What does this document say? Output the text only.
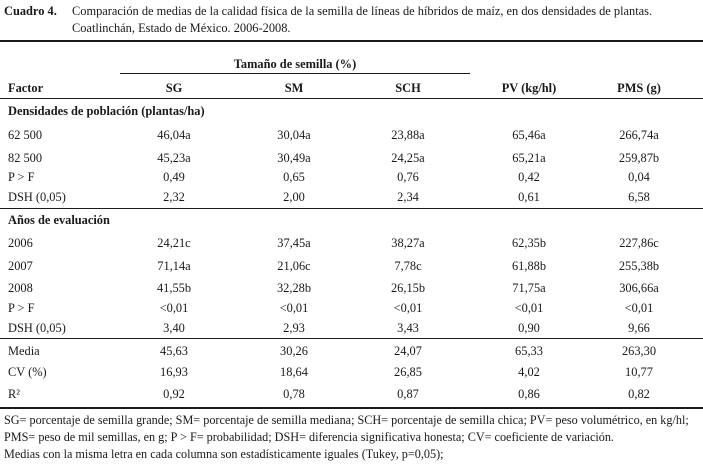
Cuadro 4. Comparación de medias de la calidad física de la semilla de líneas de híbridos de maíz, en dos densidades de plantas. Coatlinchán, Estado de México. 2006-2008.
Tamaño de semilla (%)
Factor	SG	SM	SCH	PV (kg/hl)	PMS (g)
Densidades de población (plantas/ha)
62 500	46,04a	30,04a	23,88a	65,46a	266,74a
82 500	45,23a	30,49a	24,25a	65,21a	259,87b
P > F	0,49	0,65	0,76	0,42	0,04
DSH (0,05)	2,32	2,00	2,34	0,61	6,58
Años de evaluación
2006	24,21c	37,45a	38,27a	62,35b	227,86c
2007	71,14a	21,06c	7,78c	61,88b	255,38b
2008	41,55b	32,28b	26,15b	71,75a	306,66a
P > F	<0,01	<0,01	<0,01	<0,01	<0,01
DSH (0,05)	3,40	2,93	3,43	0,90	9,66
Media	45,63	30,26	24,07	65,33	263,30
CV (%)	16,93	18,64	26,85	4,02	10,77
R²	0,92	0,78	0,87	0,86	0,82
SG= porcentaje de semilla grande; SM= porcentaje de semilla mediana; SCH= porcentaje de semilla chica; PV= peso volumétrico, en kg/hl; PMS= peso de mil semillas, en g; P > F= probabilidad; DSH= diferencia significativa honesta; CV= coeficiente de variación.
Medias con la misma letra en cada columna son estadísticamente iguales (Tukey, p=0,05);
